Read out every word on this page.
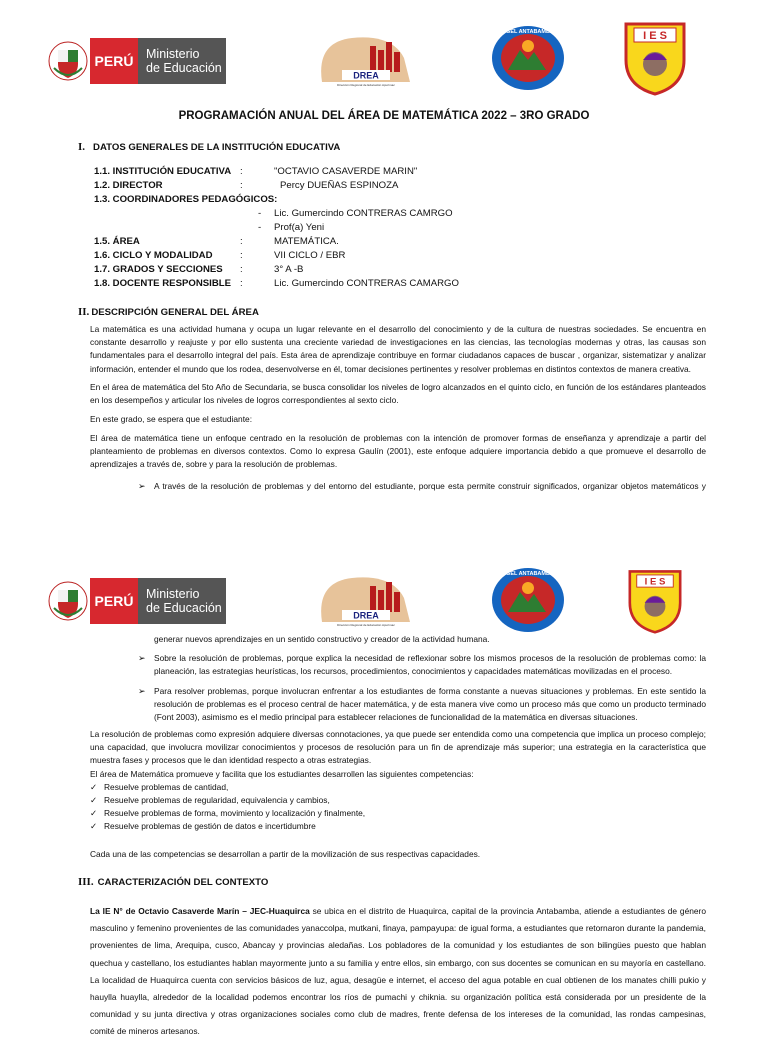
PERÚ	Ministerio
de Educación
DREA
Dirección Regional de Educación Apurímac
UGEL ANTABAMBA	I E S
PROGRAMACIÓN ANUAL DEL ÁREA DE MATEMÁTICA 2022 – 3RO GRADO
I. DATOS GENERALES DE LA INSTITUCIÓN EDUCATIVA
1.1. INSTITUCIÓN EDUCATIVA :	"OCTAVIO CASAVERDE MARIN"
1.2. DIRECTOR	:	Percy DUEÑAS ESPINOZA
1.3. COORDINADORES PEDAGÓGICOS:
- Lic. Gumercindo CONTRERAS CAMRGO
- Prof(a) Yeni
1.5. ÁREA	:	MATEMÁTICA.
1.6. CICLO Y MODALIDAD	:	VII CICLO / EBR
1.7. GRADOS Y SECCIONES :	3° A -B
1.8. DOCENTE RESPONSIBLE :	Lic. Gumercindo CONTRERAS CAMARGO
II. DESCRIPCIÓN GENERAL DEL ÁREA

La matemática es una actividad humana y ocupa un lugar relevante en el desarrollo del conocimiento y de la cultura de nuestras sociedades. Se encuentra en constante desarrollo y reajuste y por ello sustenta una creciente variedad de investigaciones en las ciencias, las tecnologías modernas y otras, las causas son fundamentales para el desarrollo integral del país. Esta área de aprendizaje contribuye en formar ciudadanos capaces de buscar , organizar, sistematizar y analizar información, entender el mundo que los rodea, desenvolverse en él, tomar decisiones pertinentes y resolver problemas en distintos contextos de manera creativa.

En el área de matemática del 5to Año de Secundaria, se busca consolidar los niveles de logro alcanzados en el quinto ciclo, en función de los estándares planteados en los desempeños y articular los niveles de logros correspondientes al sexto ciclo.

En este grado, se espera que el estudiante:

El área de matemática tiene un enfoque centrado en la resolución de problemas con la intención de promover formas de enseñanza y aprendizaje a partir del planteamiento de problemas en diversos contextos. Como lo expresa Gaulín (2001), este enfoque adquiere importancia debido a que promueve el desarrollo de aprendizajes a través de, sobre y para la resolución de problemas.

➢ A través de la resolución de problemas y del entorno del estudiante, porque esta permite construir significados, organizar objetos matemáticos y

PERÚ	Ministerio
de Educación
DREA
Dirección Regional de Educación Apurímac
UGEL ANTABAMBA
I E S

generar nuevos aprendizajes en un sentido constructivo y creador de la actividad humana.

➢ Sobre la resolución de problemas, porque explica la necesidad de reflexionar sobre los mismos procesos de la resolución de problemas como: la planeación, las estrategias heurísticas, los recursos, procedimientos, conocimientos y capacidades matemáticas movilizadas en el proceso.

➢ Para resolver problemas, porque involucran enfrentar a los estudiantes de forma constante a nuevas situaciones y problemas. En este sentido la resolución de problemas es el proceso central de hacer matemática, y de esta manera vive como un proceso más que como un producto terminado (Font 2003), asimismo es el medio principal para establecer relaciones de funcionalidad de la matemática en diversas situaciones.

La resolución de problemas como expresión adquiere diversas connotaciones, ya que puede ser entendida como una competencia que implica un proceso complejo; una capacidad, que involucra movilizar conocimientos y procesos de resolución para un fin de aprendizaje más superior; una estrategia en la característica que muestra fases y procesos que le dan identidad respecto a otras estrategias.

El área de Matemática promueve y facilita que los estudiantes desarrollen las siguientes competencias:

✓ Resuelve problemas de cantidad,
✓ Resuelve problemas de regularidad, equivalencia y cambios,
✓ Resuelve problemas de forma, movimiento y localización y finalmente,
✓ Resuelve problemas de gestión de datos e incertidumbre

Cada una de las competencias se desarrollan a partir de la movilización de sus respectivas capacidades.

III. CARACTERIZACIÓN DEL CONTEXTO

La IE N° de Octavio Casaverde Marín – JEC-Huaquirca se ubica en el distrito de Huaquirca, capital de la provincia Antabamba, atiende a estudiantes de género masculino y femenino provenientes de las comunidades yanaccolpa, mutkani, finaya, pampayupa: de igual forma, a estudiantes que retornaron durante la pandemia, provenientes de lima, Arequipa, cusco, Abancay y provincias aledañas. Los pobladores de la comunidad y los estudiantes de son bilingües puesto que hablan quechua y castellano, los estudiantes hablan mayormente junto a su familia y entre ellos, sin embargo, con sus docentes se comunican en su mayoría en castellano. La localidad de Huaquirca cuenta con servicios básicos de luz, agua, desagüe e internet, el acceso del agua potable en cual obtienen de los manates chilli pukio y hauylla huaylla, alrededor de la localidad podemos encontrar los ríos de pumachi y chiknia. su organización política está considerada por un presidente de la comunidad y su junta directiva y otras organizaciones sociales como club de madres, frente defensa de los intereses de la comunidad, las rondas campesinas, comité de mineros artesanos.
